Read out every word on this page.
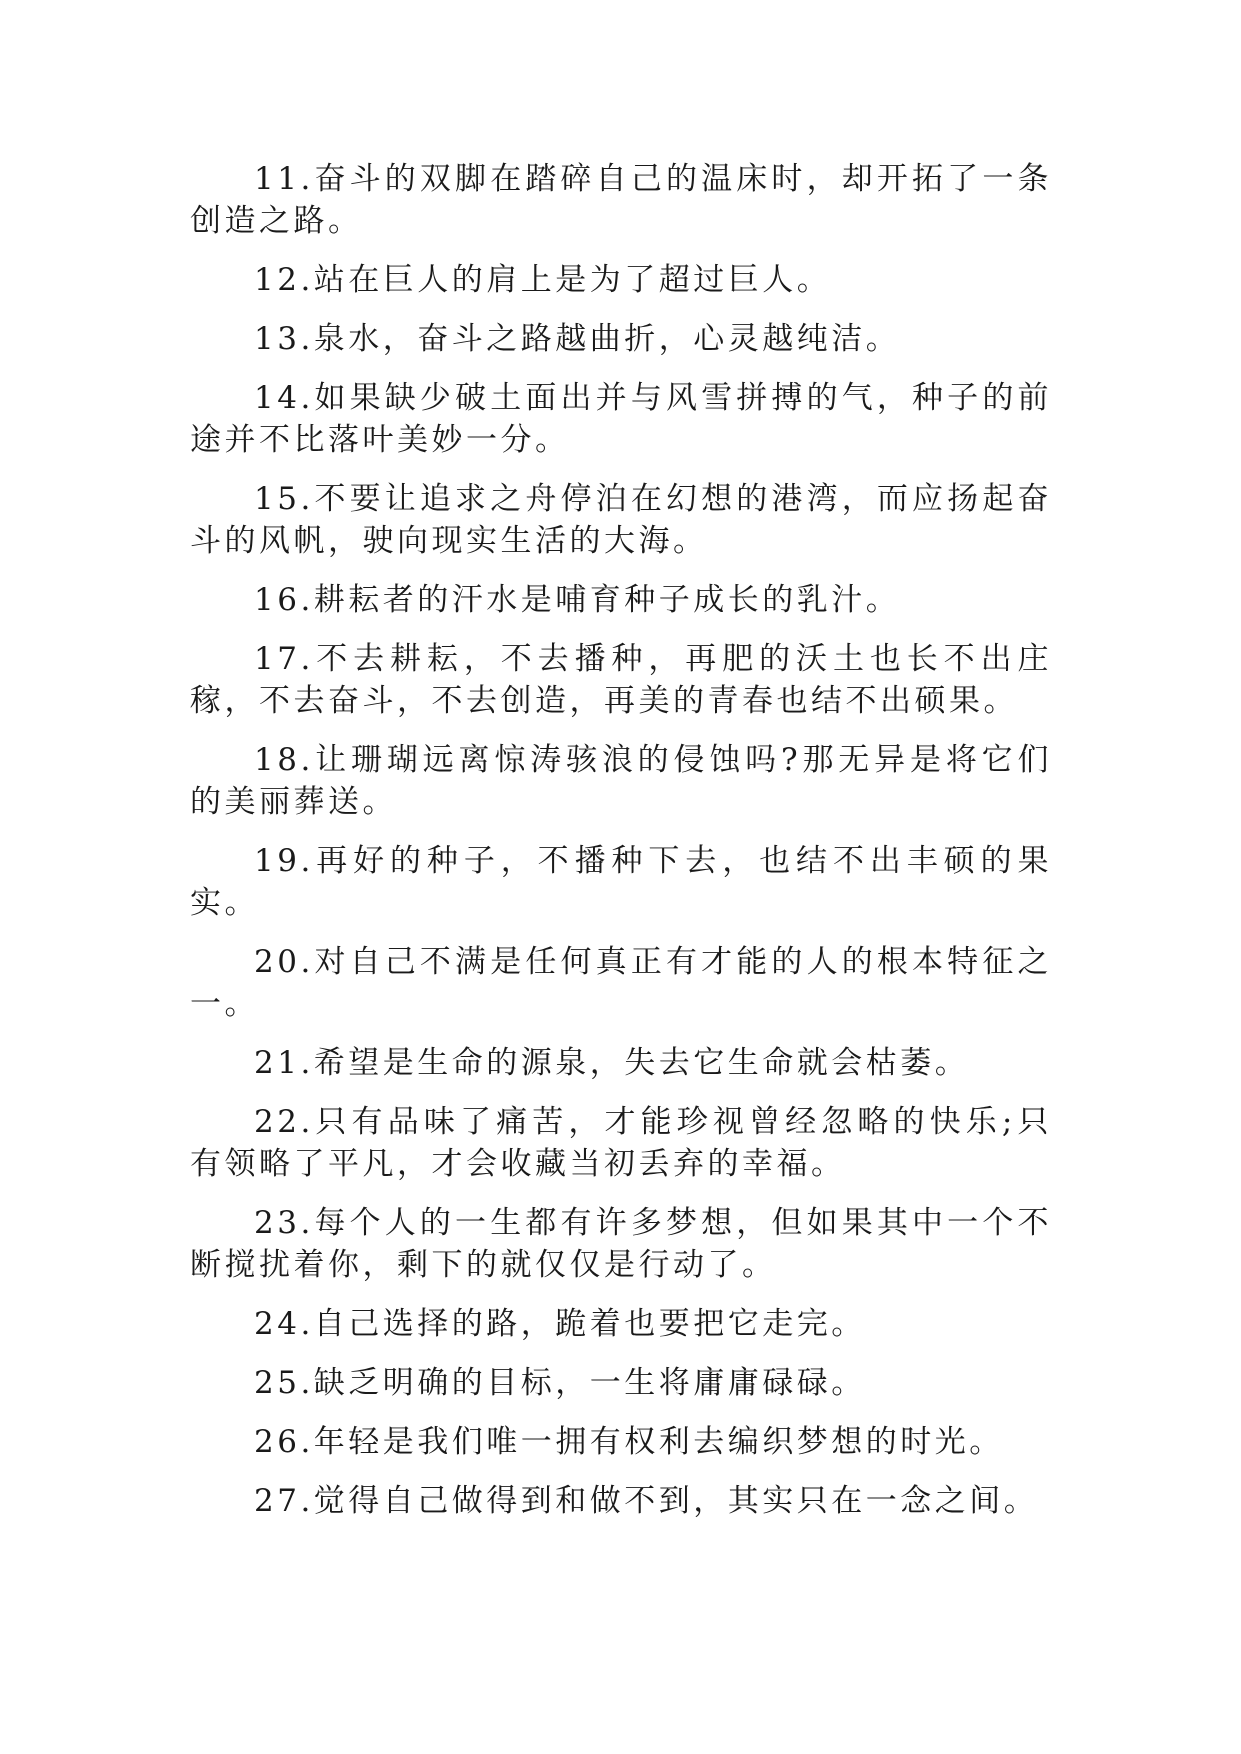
11.奋斗的双脚在踏碎自己的温床时，却开拓了一条创造之路。

12.站在巨人的肩上是为了超过巨人。

13.泉水，奋斗之路越曲折，心灵越纯洁。

14.如果缺少破土面出并与风雪拼搏的气，种子的前途并不比落叶美妙一分。

15.不要让追求之舟停泊在幻想的港湾，而应扬起奋斗的风帆，驶向现实生活的大海。

16.耕耘者的汗水是哺育种子成长的乳汁。

17.不去耕耘，不去播种，再肥的沃土也长不出庄稼，不去奋斗，不去创造，再美的青春也结不出硕果。

18.让珊瑚远离惊涛骇浪的侵蚀吗?那无异是将它们的美丽葬送。

19.再好的种子，不播种下去，也结不出丰硕的果实。

20.对自己不满是任何真正有才能的人的根本特征之一。

21.希望是生命的源泉，失去它生命就会枯萎。

22.只有品味了痛苦，才能珍视曾经忽略的快乐;只有领略了平凡，才会收藏当初丢弃的幸福。

23.每个人的一生都有许多梦想，但如果其中一个不断搅扰着你，剩下的就仅仅是行动了。

24.自己选择的路，跪着也要把它走完。

25.缺乏明确的目标，一生将庸庸碌碌。

26.年轻是我们唯一拥有权利去编织梦想的时光。

27.觉得自己做得到和做不到，其实只在一念之间。
